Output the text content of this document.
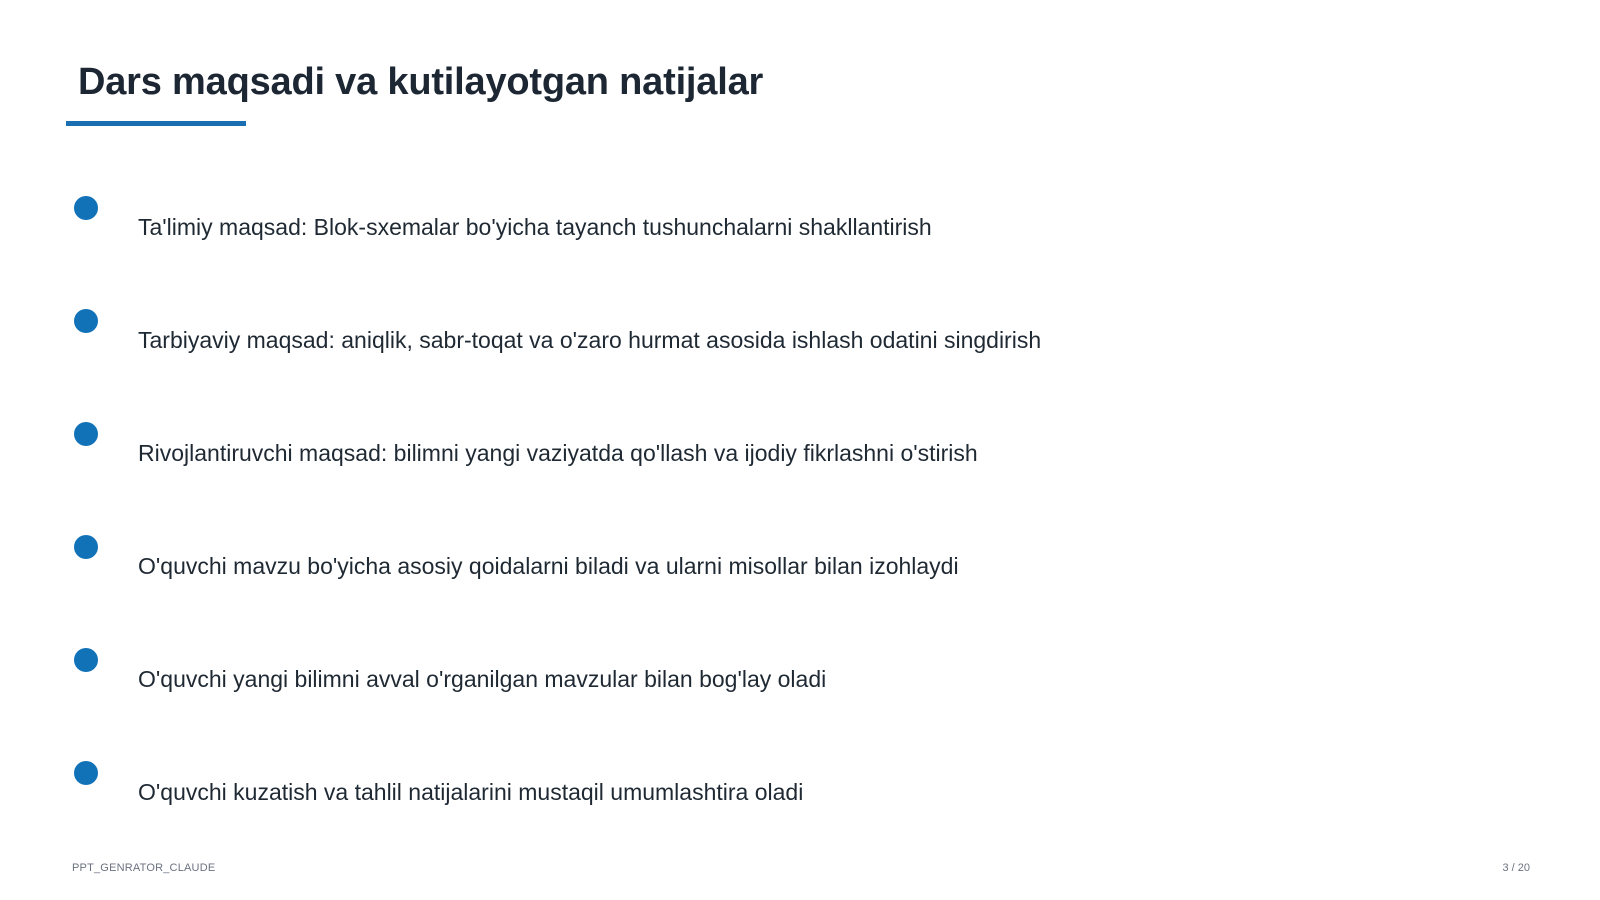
Dars maqsadi va kutilayotgan natijalar
Ta'limiy maqsad: Blok-sxemalar bo'yicha tayanch tushunchalarni shakllantirish
Tarbiyaviy maqsad: aniqlik, sabr-toqat va o'zaro hurmat asosida ishlash odatini singdirish
Rivojlantiruvchi maqsad: bilimni yangi vaziyatda qo'llash va ijodiy fikrlashni o'stirish
O'quvchi mavzu bo'yicha asosiy qoidalarni biladi va ularni misollar bilan izohlaydi
O'quvchi yangi bilimni avval o'rganilgan mavzular bilan bog'lay oladi
O'quvchi kuzatish va tahlil natijalarini mustaqil umumlashtira oladi
PPT_GENRATOR_CLAUDE	3 / 20
